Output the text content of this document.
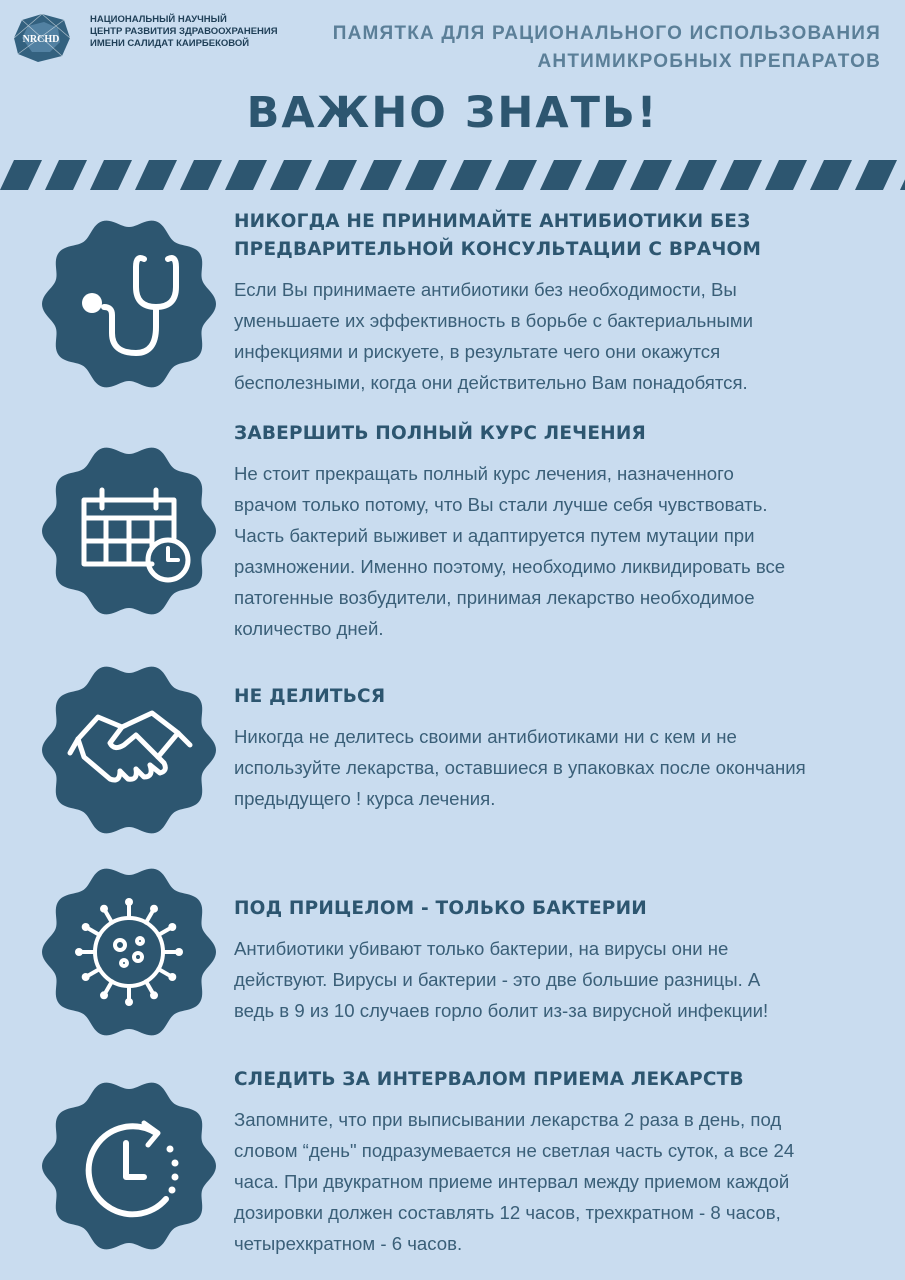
NRCHD
НАЦИОНАЛЬНЫЙ НАУЧНЫЙ
ЦЕНТР РАЗВИТИЯ ЗДРАВООХРАНЕНИЯ
ИМЕНИ САЛИДАТ КАИРБЕКОВОЙ	ПАМЯТКА ДЛЯ РАЦИОНАЛЬНОГО ИСПОЛЬЗОВАНИЯ
АНТИМИКРОБНЫХ ПРЕПАРАТОВ
ВАЖНО ЗНАТЬ!
НИКОГДА НЕ ПРИНИМАЙТЕ АНТИБИОТИКИ БЕЗ
ПРЕДВАРИТЕЛЬНОЙ КОНСУЛЬТАЦИИ С ВРАЧОМ
Если Вы принимаете антибиотики без необходимости, Вы
уменьшаете их эффективность в борьбе с бактериальными
инфекциями и рискуете, в результате чего они окажутся
бесполезными, когда они действительно Вам понадобятся.
ЗАВЕРШИТЬ ПОЛНЫЙ КУРС ЛЕЧЕНИЯ
Не стоит прекращать полный курс лечения, назначенного
врачом только потому, что Вы стали лучше себя чувствовать.
Часть бактерий выживет и адаптируется путем мутации при
размножении. Именно поэтому, необходимо ликвидировать все
патогенные возбудители, принимая лекарство необходимое
количество дней.
НЕ ДЕЛИТЬСЯ
Никогда не делитесь своими антибиотиками ни с кем и не
используйте лекарства, оставшиеся в упаковках после окончания
предыдущего ! курса лечения.
ПОД ПРИЦЕЛОМ - ТОЛЬКО БАКТЕРИИ
Антибиотики убивают только бактерии, на вирусы они не
действуют. Вирусы и бактерии - это две большие разницы. А
ведь в 9 из 10 случаев горло болит из-за вирусной инфекции!
СЛЕДИТЬ ЗА ИНТЕРВАЛОМ ПРИЕМА ЛЕКАРСТВ
Запомните, что при выписывании лекарства 2 раза в день, под
словом “день" подразумевается не светлая часть суток, а все 24
часа. При двукратном приеме интервал между приемом каждой
дозировки должен составлять 12 часов, трехкратном - 8 часов,
четырехкратном - 6 часов.
